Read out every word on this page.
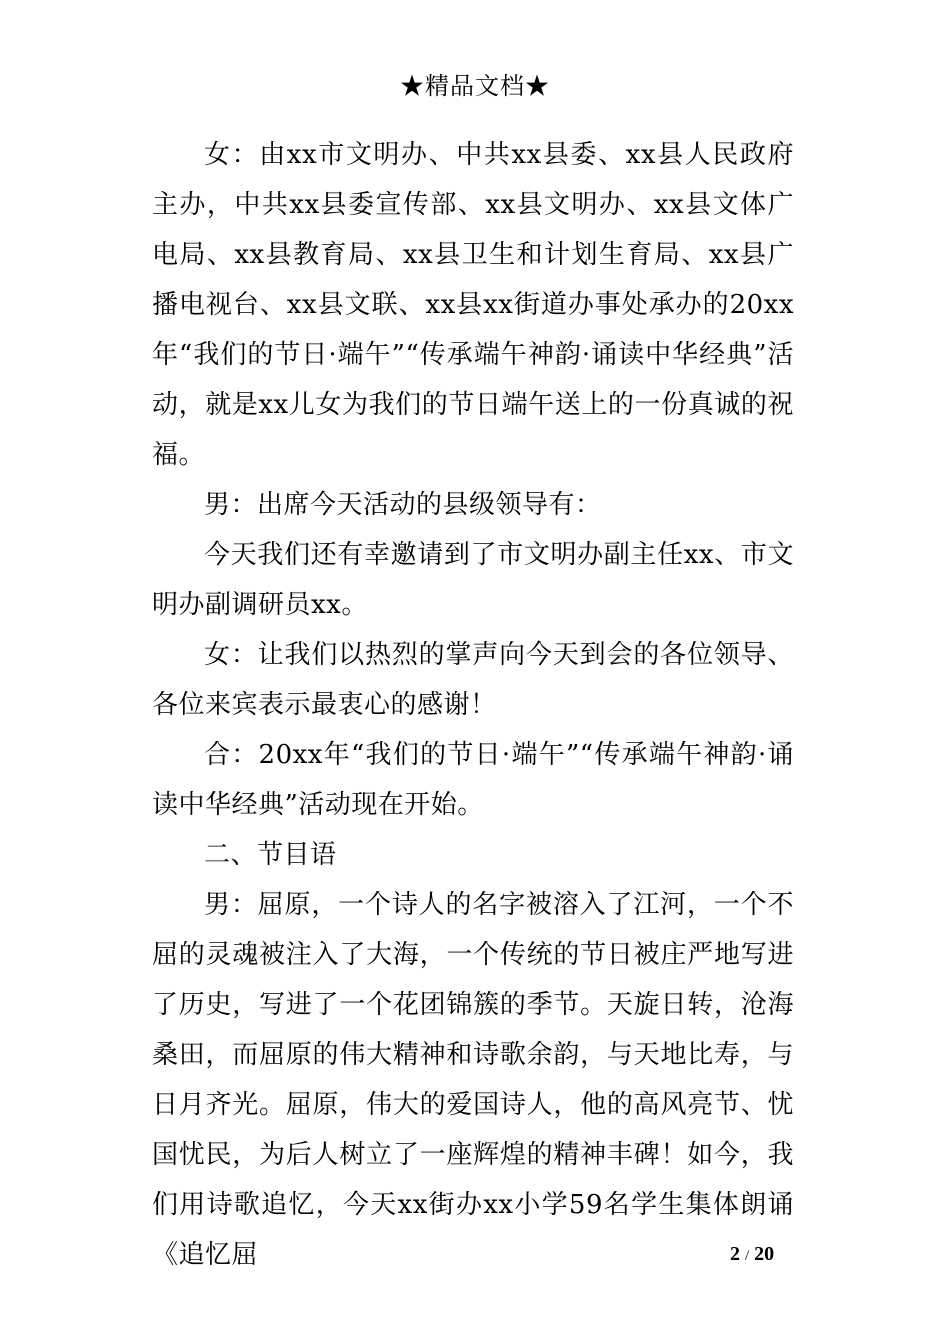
★精品文档★

女：由xx市文明办、中共xx县委、xx县人民政府主办，中共xx县委宣传部、xx县文明办、xx县文体广电局、xx县教育局、xx县卫生和计划生育局、xx县广播电视台、xx县文联、xx县xx街道办事处承办的20xx年“我们的节日·端午”“传承端午神韵·诵读中华经典”活动，就是xx儿女为我们的节日端午送上的一份真诚的祝福。

男：出席今天活动的县级领导有：

今天我们还有幸邀请到了市文明办副主任xx、市文明办副调研员xx。

女：让我们以热烈的掌声向今天到会的各位领导、各位来宾表示最衷心的感谢！

合：20xx年“我们的节日·端午”“传承端午神韵·诵读中华经典”活动现在开始。

二、节目语

男：屈原，一个诗人的名字被溶入了江河，一个不屈的灵魂被注入了大海，一个传统的节日被庄严地写进了历史，写进了一个花团锦簇的季节。天旋日转，沧海桑田，而屈原的伟大精神和诗歌余韵，与天地比寿，与日月齐光。屈原，伟大的爱国诗人，他的高风亮节、忧国忧民，为后人树立了一座辉煌的精神丰碑！如今，我们用诗歌追忆，今天xx街办xx小学59名学生集体朗诵《追忆屈	2 / 20
